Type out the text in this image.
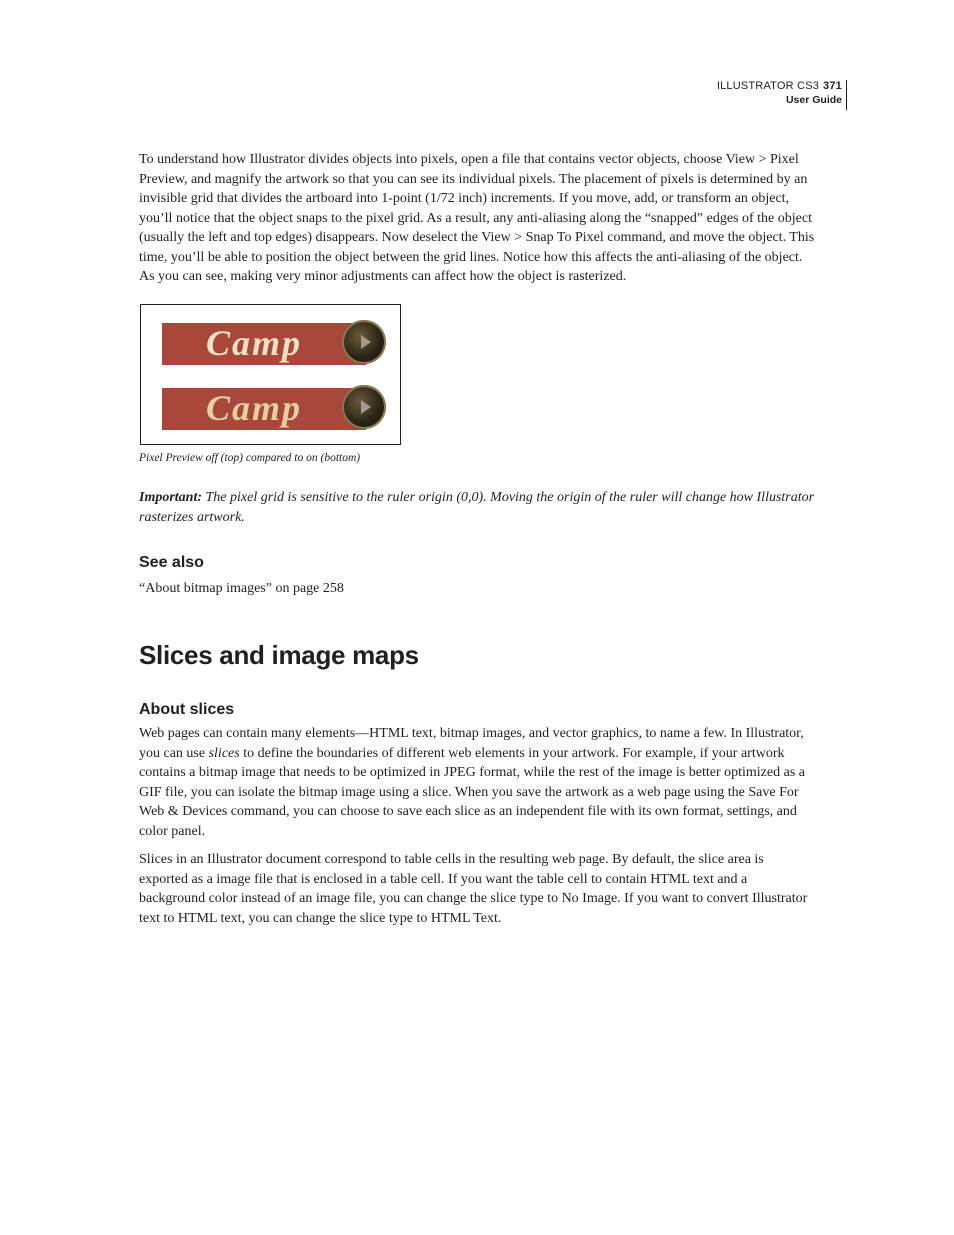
ILLUSTRATOR CS3 371
User Guide

To understand how Illustrator divides objects into pixels, open a file that contains vector objects, choose View > Pixel Preview, and magnify the artwork so that you can see its individual pixels. The placement of pixels is determined by an invisible grid that divides the artboard into 1-point (1/72 inch) increments. If you move, add, or transform an object, you’ll notice that the object snaps to the pixel grid. As a result, any anti-aliasing along the “snapped” edges of the object (usually the left and top edges) disappears. Now deselect the View > Snap To Pixel command, and move the object. This time, you’ll be able to position the object between the grid lines. Notice how this affects the anti-aliasing of the object. As you can see, making very minor adjustments can affect how the object is rasterized.

Camp
Camp
Pixel Preview off (top) compared to on (bottom)

Important: The pixel grid is sensitive to the ruler origin (0,0). Moving the origin of the ruler will change how Illustrator rasterizes artwork.

See also
“About bitmap images” on page 258
Slices and image maps
About slices

Web pages can contain many elements—HTML text, bitmap images, and vector graphics, to name a few. In Illustrator, you can use slices to define the boundaries of different web elements in your artwork. For example, if your artwork contains a bitmap image that needs to be optimized in JPEG format, while the rest of the image is better optimized as a GIF file, you can isolate the bitmap image using a slice. When you save the artwork as a web page using the Save For Web & Devices command, you can choose to save each slice as an independent file with its own format, settings, and color panel.

Slices in an Illustrator document correspond to table cells in the resulting web page. By default, the slice area is exported as a image file that is enclosed in a table cell. If you want the table cell to contain HTML text and a background color instead of an image file, you can change the slice type to No Image. If you want to convert Illustrator text to HTML text, you can change the slice type to HTML Text.
